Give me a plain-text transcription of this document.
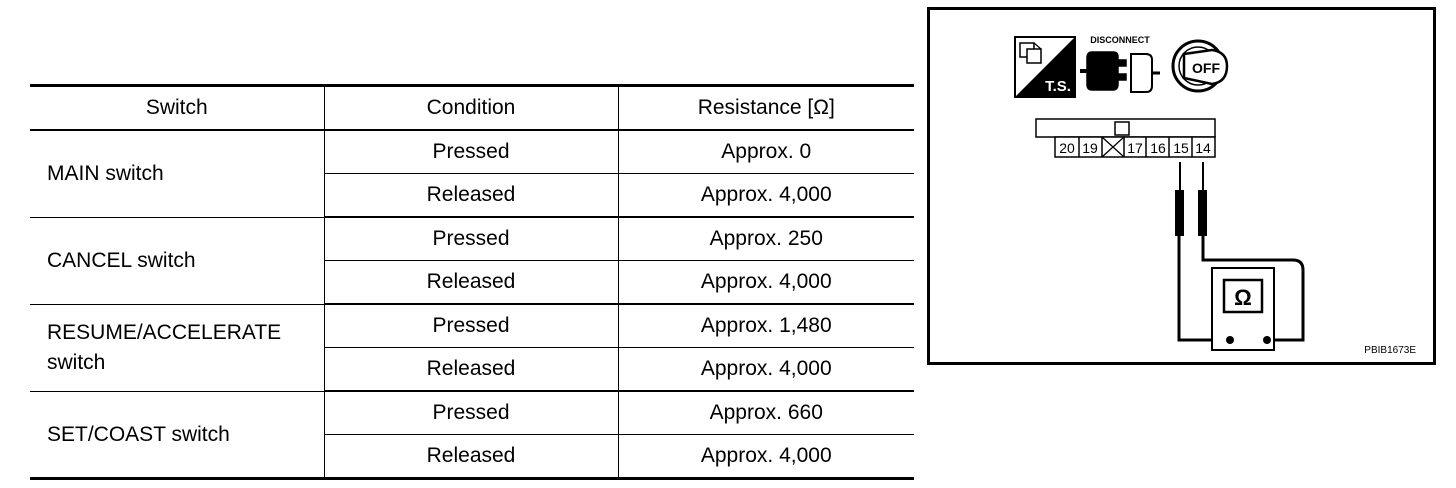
Switch	Condition	Resistance [Ω]
MAIN switch	Pressed	Approx. 0
	Released	Approx. 4,000
CANCEL switch	Pressed	Approx. 250
	Released	Approx. 4,000
RESUME/ACCELERATE switch	Pressed	Approx. 1,480
	Released	Approx. 4,000
SET/COAST switch	Pressed	Approx. 660
	Released	Approx. 4,000
T.S.
DISCONNECT
OFF
20 19 17 16 15 14
Ω
PBIB1673E
